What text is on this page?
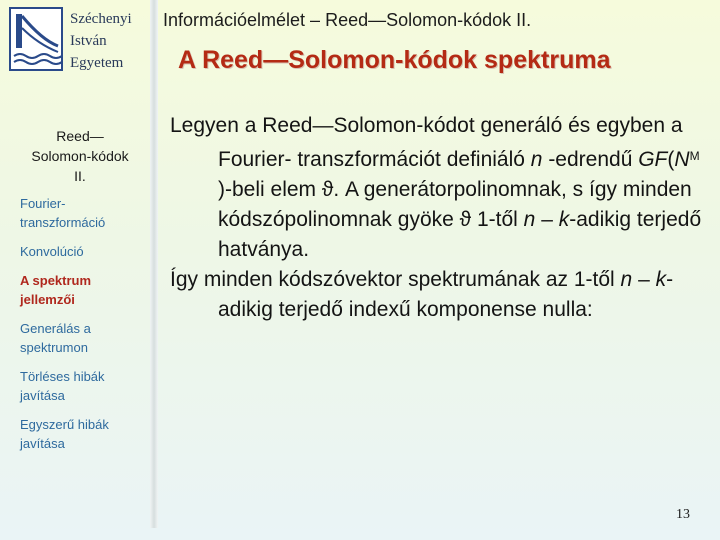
Széchenyi
István
Egyetem
Reed—
Solomon-kódok
II.
Fourier-
transzformáció
Konvolúció
A spektrum
jellemzői
Generálás a
spektrumon
Törléses hibák
javítása
Egyszerű hibák
javítása
Információelmélet – Reed—Solomon-kódok II.
A Reed—Solomon-kódok spektruma

Legyen a Reed—Solomon-kódot generáló és egyben a Fourier- transzformációt definiáló n -edrendű $GF(N^M$ )-beli elem ϑ. A generátorpolinomnak, s így minden kódszópolinomnak gyöke ϑ 1-től n – k-adikig terjedő hatványa.

Így minden kódszóvektor spektrumának az 1-től n – k-adikig terjedő indexű komponense nulla:

13
